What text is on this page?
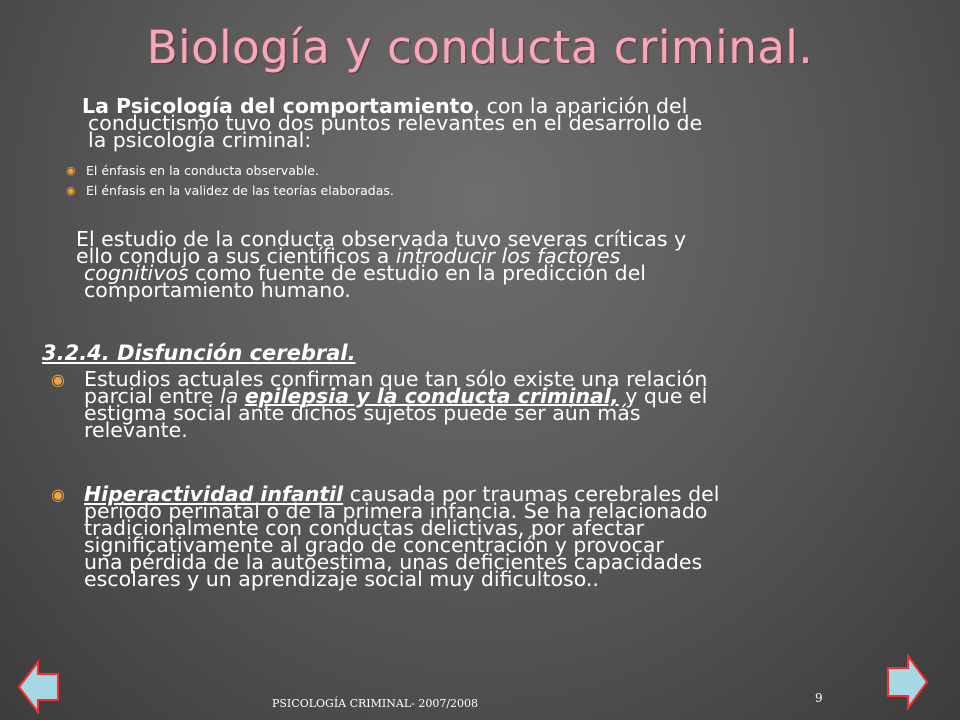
Biología y conducta criminal.
La Psicología del comportamiento, con la aparición del
conductismo tuvo dos puntos relevantes en el desarrollo de
la psicología criminal:
◉ El énfasis en la conducta observable.
◉ El énfasis en la validez de las teorías elaboradas.
El estudio de la conducta observada tuvo severas críticas y
ello condujo a sus científicos a introducir los factores
cognitivos como fuente de estudio en la predicción del
comportamiento humano.
3.2.4. Disfunción cerebral.
◉ Estudios actuales confirman que tan sólo existe una relación
parcial entre la epilepsia y la conducta criminal, y que el
estigma social ante dichos sujetos puede ser aún más
relevante.
◉ Hiperactividad infantil causada por traumas cerebrales del
período perinatal o de la primera infancia. Se ha relacionado
tradicionalmente con conductas delictivas, por afectar
significativamente al grado de concentración y provocar
una pérdida de la autoestima, unas deficientes capacidades
escolares y un aprendizaje social muy dificultoso..
PSICOLOGÍA CRIMINAL- 2007/2008	9
